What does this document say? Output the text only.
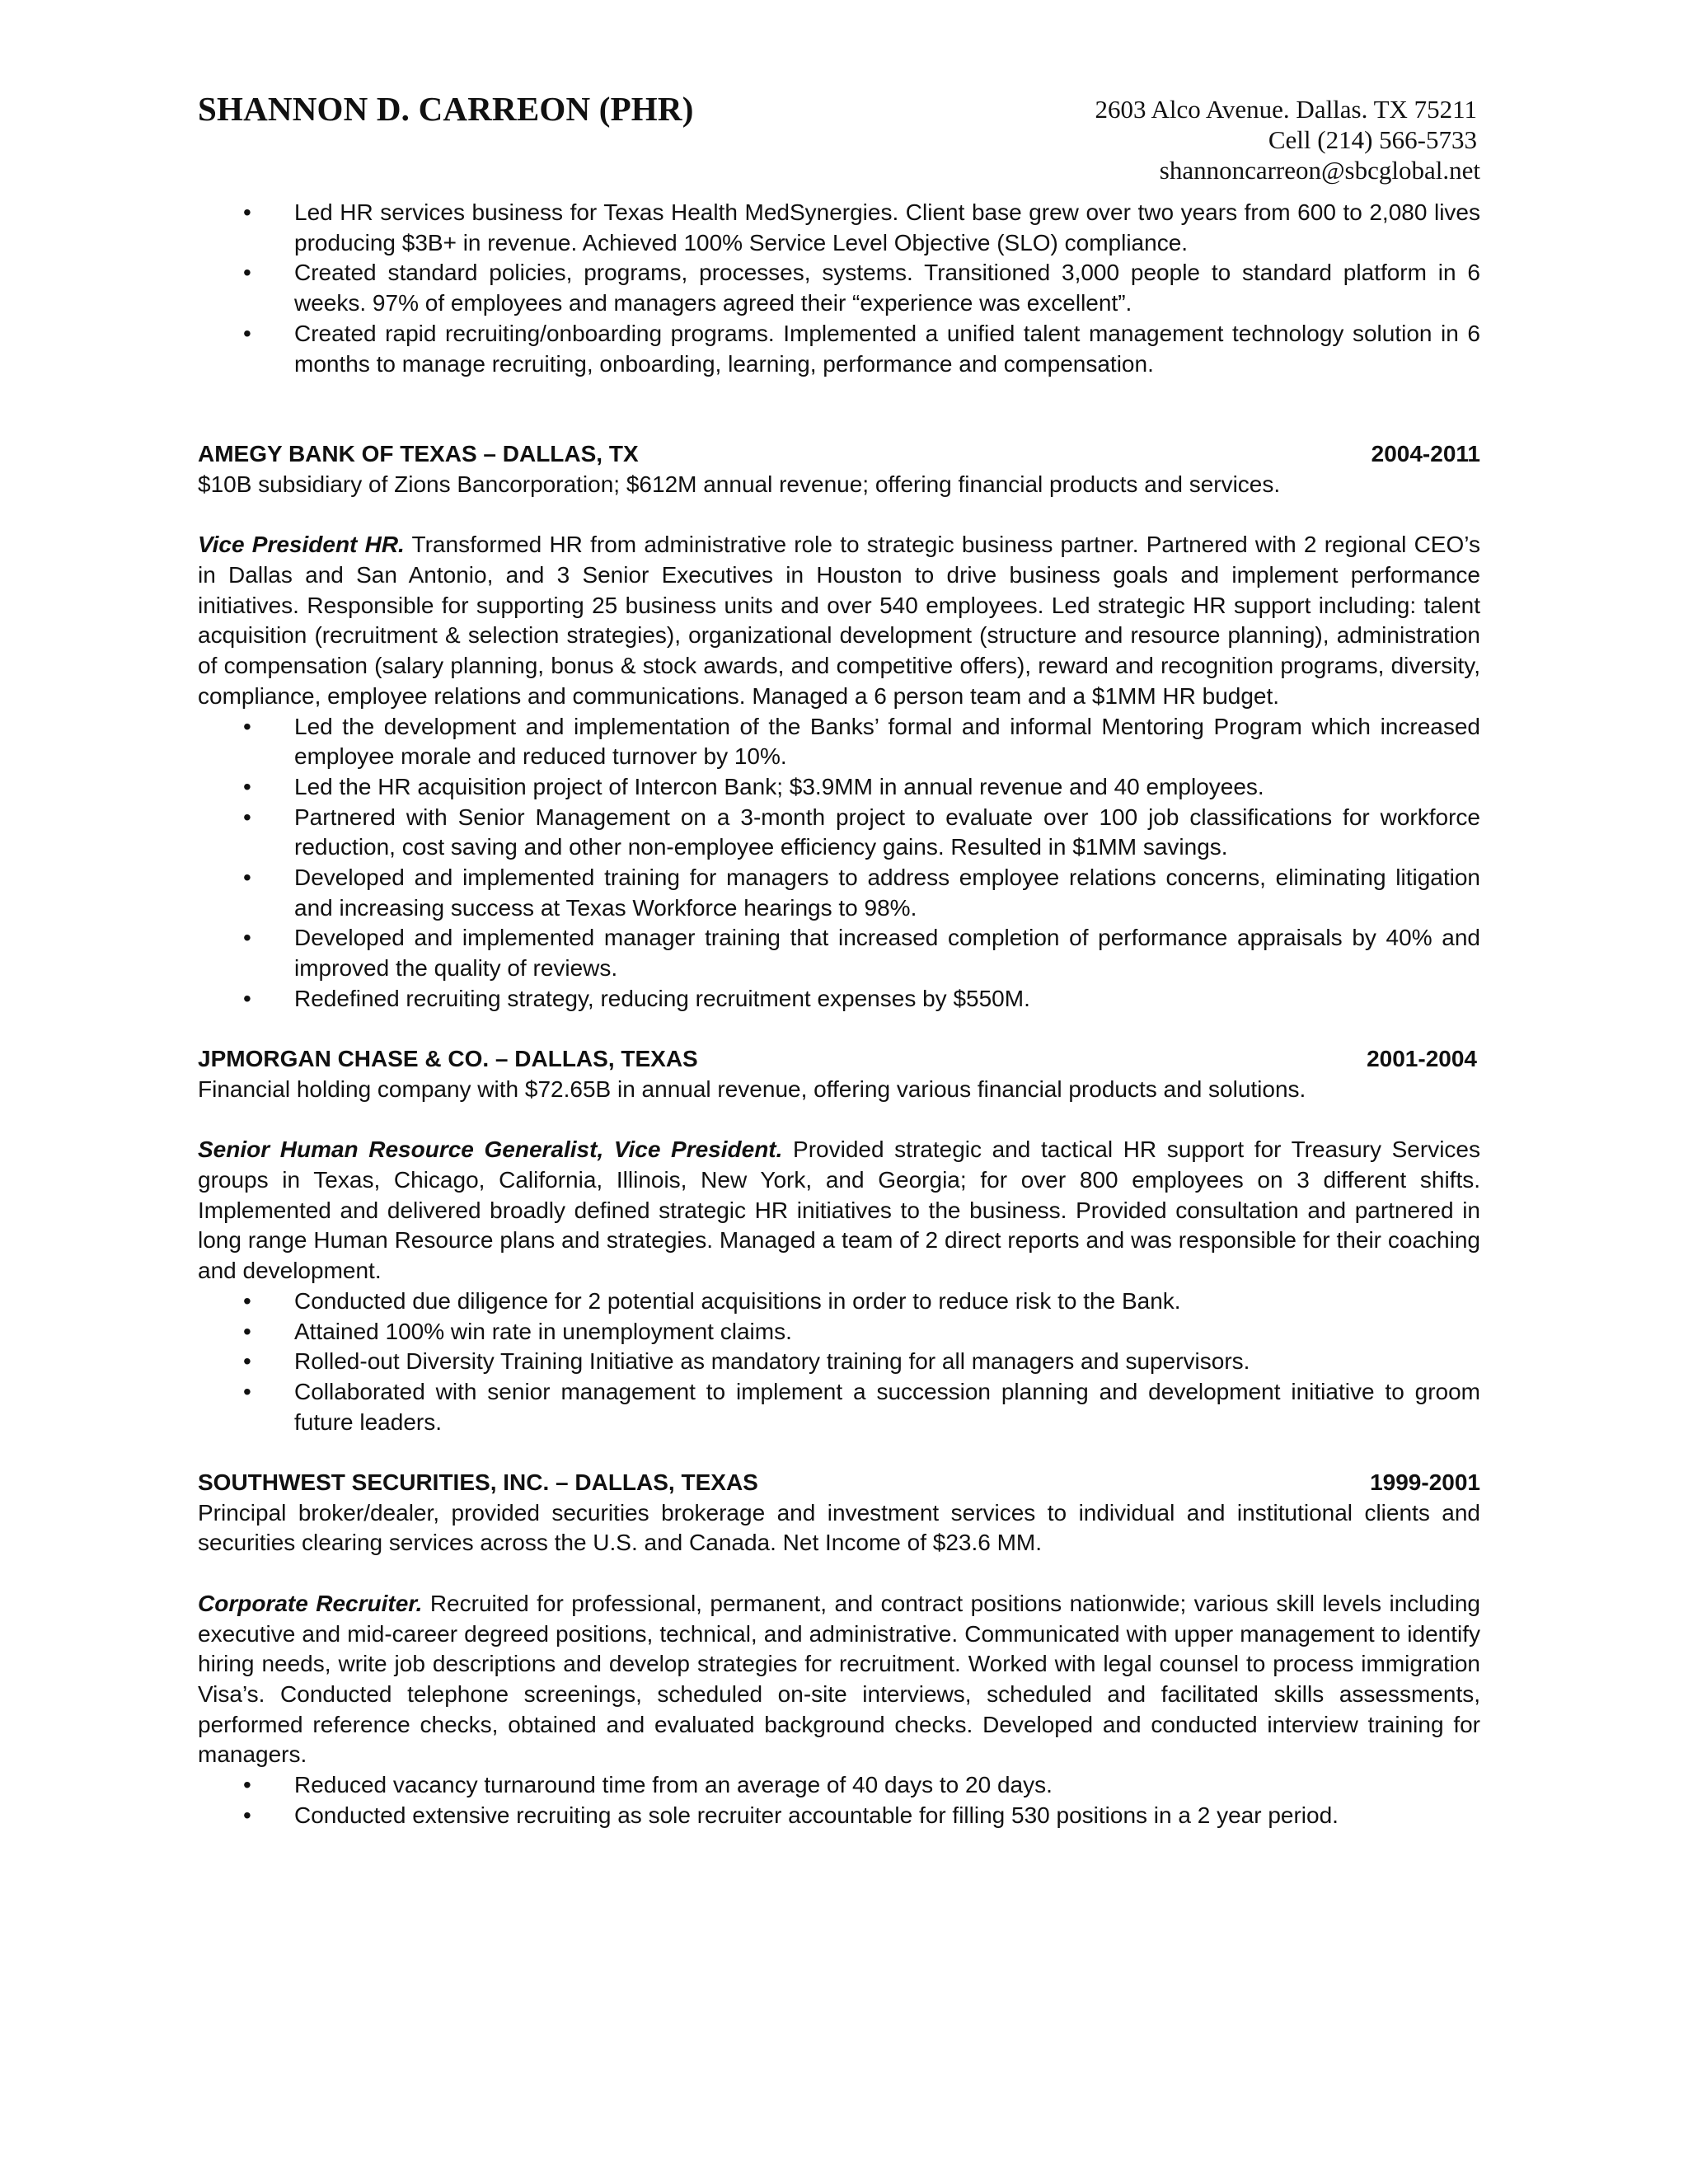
SHANNON D. CARREON (PHR)	2603 Alco Avenue. Dallas. TX 75211
Cell (214) 566-5733
shannoncarreon@sbcglobal.net
• Led HR services business for Texas Health MedSynergies. Client base grew over two years from 600 to 2,080 lives producing $3B+ in revenue. Achieved 100% Service Level Objective (SLO) compliance.
• Created standard policies, programs, processes, systems. Transitioned 3,000 people to standard platform in 6 weeks. 97% of employees and managers agreed their “experience was excellent”.
• Created rapid recruiting/onboarding programs. Implemented a unified talent management technology solution in 6 months to manage recruiting, onboarding, learning, performance and compensation.
AMEGY BANK OF TEXAS – DALLAS, TX	2004-2011
$10B subsidiary of Zions Bancorporation; $612M annual revenue; offering financial products and services.

Vice President HR. Transformed HR from administrative role to strategic business partner. Partnered with 2 regional CEO’s in Dallas and San Antonio, and 3 Senior Executives in Houston to drive business goals and implement performance initiatives. Responsible for supporting 25 business units and over 540 employees. Led strategic HR support including: talent acquisition (recruitment & selection strategies), organizational development (structure and resource planning), administration of compensation (salary planning, bonus & stock awards, and competitive offers), reward and recognition programs, diversity, compliance, employee relations and communications. Managed a 6 person team and a $1MM HR budget.

• Led the development and implementation of the Banks’ formal and informal Mentoring Program which increased employee morale and reduced turnover by 10%.
• Led the HR acquisition project of Intercon Bank; $3.9MM in annual revenue and 40 employees.
• Partnered with Senior Management on a 3-month project to evaluate over 100 job classifications for workforce reduction, cost saving and other non-employee efficiency gains. Resulted in $1MM savings.
• Developed and implemented training for managers to address employee relations concerns, eliminating litigation and increasing success at Texas Workforce hearings to 98%.
• Developed and implemented manager training that increased completion of performance appraisals by 40% and improved the quality of reviews.
• Redefined recruiting strategy, reducing recruitment expenses by $550M.
JPMORGAN CHASE & CO. – DALLAS, TEXAS	2001-2004
Financial holding company with $72.65B in annual revenue, offering various financial products and solutions.

Senior Human Resource Generalist, Vice President. Provided strategic and tactical HR support for Treasury Services groups in Texas, Chicago, California, Illinois, New York, and Georgia; for over 800 employees on 3 different shifts. Implemented and delivered broadly defined strategic HR initiatives to the business. Provided consultation and partnered in long range Human Resource plans and strategies. Managed a team of 2 direct reports and was responsible for their coaching and development.

• Conducted due diligence for 2 potential acquisitions in order to reduce risk to the Bank.
• Attained 100% win rate in unemployment claims.
• Rolled-out Diversity Training Initiative as mandatory training for all managers and supervisors.
• Collaborated with senior management to implement a succession planning and development initiative to groom future leaders.
SOUTHWEST SECURITIES, INC. – DALLAS, TEXAS	1999-2001
Principal broker/dealer, provided securities brokerage and investment services to individual and institutional clients and securities clearing services across the U.S. and Canada. Net Income of $23.6 MM.

Corporate Recruiter. Recruited for professional, permanent, and contract positions nationwide; various skill levels including executive and mid-career degreed positions, technical, and administrative. Communicated with upper management to identify hiring needs, write job descriptions and develop strategies for recruitment. Worked with legal counsel to process immigration Visa’s. Conducted telephone screenings, scheduled on-site interviews, scheduled and facilitated skills assessments, performed reference checks, obtained and evaluated background checks. Developed and conducted interview training for managers.

• Reduced vacancy turnaround time from an average of 40 days to 20 days.
• Conducted extensive recruiting as sole recruiter accountable for filling 530 positions in a 2 year period.
